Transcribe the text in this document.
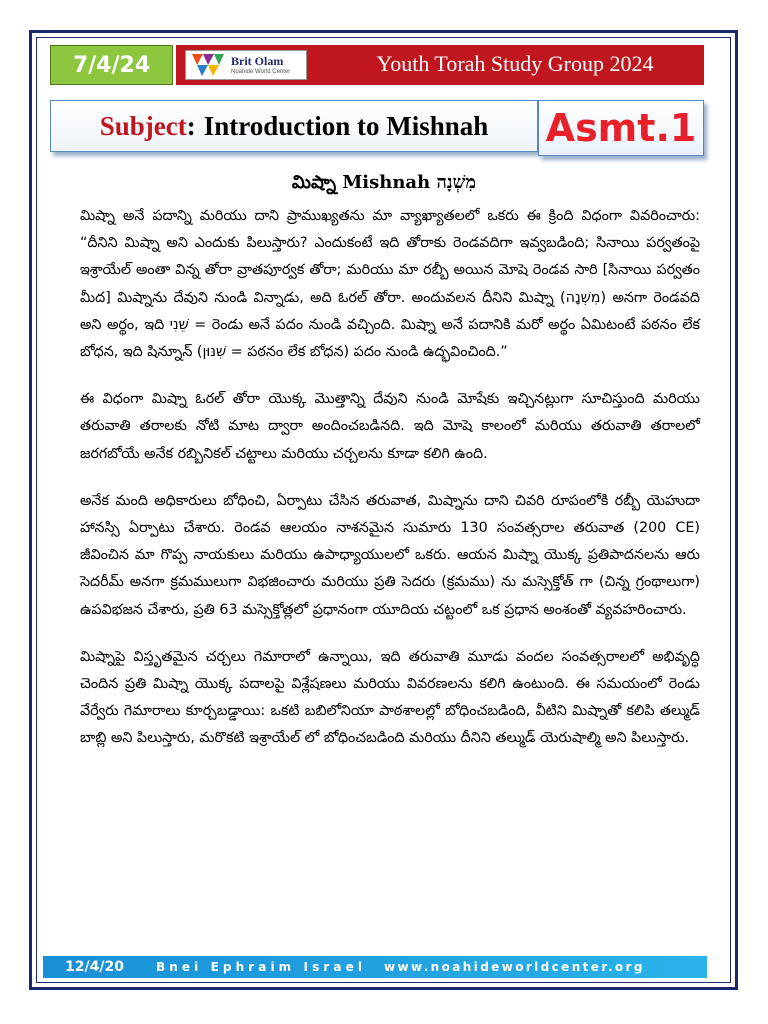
7/4/24	Brit Olam
Noahide World Center	Youth Torah Study Group 2024
Subject : Introduction to Mishnah Asmt.1
మిష్నా Mishnah מִשְׁנָה

మిష్నా అనే పదాన్ని మరియు దాని ప్రాముఖ్యతను మా వ్యాఖ్యాతలలో ఒకరు ఈ క్రింది విధంగా వివరించారు: “దీనిని మిష్నా అని ఎందుకు పిలుస్తారు? ఎందుకంటే ఇది తోరాకు రెండవదిగా ఇవ్వబడింది; సినాయి పర్వతంపై ఇశ్రాయేల్ అంతా విన్న తోరా వ్రాతపూర్వక తోరా; మరియు మా రబ్బీ అయిన మోషె రెండవ సారి [సినాయి పర్వతం మీద] మిష్నాను దేవుని నుండి విన్నాడు, అది ఓరల్ తోరా. అందువలన దీనిని మిష్నా (מִשְׁנָה) అనగా రెండవది అని అర్థం, ఇది שֵׁנִי = రెండు అనే పదం నుండి వచ్చింది. మిష్నా అనే పదానికి మరో అర్థం ఏమిటంటే పఠనం లేక బోధన, ఇది షిన్నూన్ (שִׁנּוּן = పఠనం లేక బోధన) పదం నుండి ఉద్భవించింది.”

ఈ విధంగా మిష్నా ఓరల్ తోరా యొక్క మొత్తాన్ని దేవుని నుండి మోషేకు ఇచ్చినట్లుగా సూచిస్తుంది మరియు తరువాతి తరాలకు నోటి మాట ద్వారా అందించబడినది. ఇది మోషె కాలంలో మరియు తరువాతి తరాలలో జరగబోయే అనేక రబ్బినికల్ చట్టాలు మరియు చర్చలను కూడా కలిగి ఉంది.

అనేక మంది అధికారులు బోధించి, ఏర్పాటు చేసిన తరువాత, మిష్నాను దాని చివరి రూపంలోకి రబ్బీ యెహుదా హానస్సి ఏర్పాటు చేశారు. రెండవ ఆలయం నాశనమైన సుమారు 130 సంవత్సరాల తరువాత (200 CE) జీవించిన మా గొప్ప నాయకులు మరియు ఉపాధ్యాయులలో ఒకరు. ఆయన మిష్నా యొక్క ప్రతిపాదనలను ఆరు సెదరీమ్ అనగా క్రమములుగా విభజించారు మరియు ప్రతి సెదరు (క్రమము) ను మస్సెక్తోత్ గా (చిన్న గ్రంథాలుగా) ఉపవిభజన చేశారు, ప్రతి 63 మస్సెక్తోత్లలో ప్రధానంగా యూదియ చట్టంలో ఒక ప్రధాన అంశంతో వ్యవహరించారు.

మిష్నాపై విస్తృతమైన చర్చలు గెమారాలో ఉన్నాయి, ఇది తరువాతి మూడు వందల సంవత్సరాలలో అభివృద్ధి చెందిన ప్రతి మిష్నా యొక్క పదాలపై విశ్లేషణలు మరియు వివరణలను కలిగి ఉంటుంది. ఈ సమయంలో రెండు వేర్వేరు గెమారాలు కూర్చబడ్డాయి: ఒకటి బబిలోనియా పాఠశాలల్లో బోధించబడింది, వీటిని మిష్నాతో కలిపి తల్ముడ్ బాబ్లి అని పిలుస్తారు, మరొకటి ఇశ్రాయేల్ లో బోధించబడింది మరియు దీనిని తల్ముడ్ యెరుషాల్మి అని పిలుస్తారు.

12/4/20	Bnei Ephraim Israel www.noahideworldcenter.org
